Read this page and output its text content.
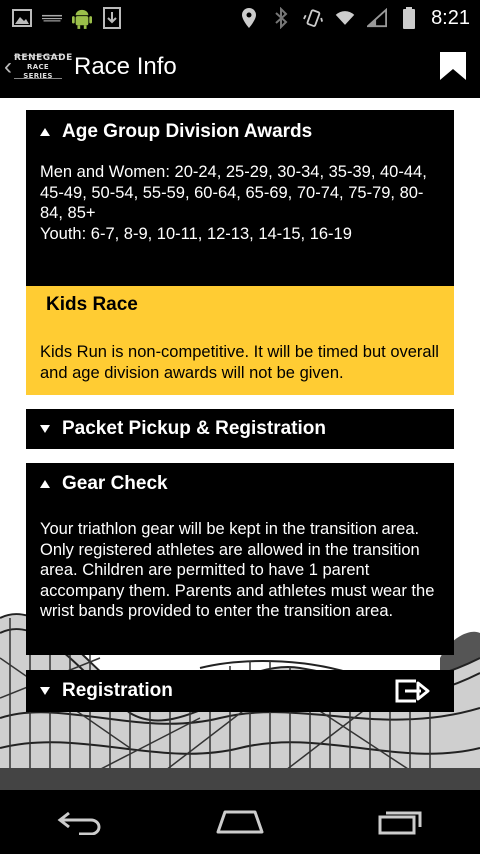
8:21
‹ RENEGADE
RACE SERIES Race Info
Age Group Division Awards

Men and Women: 20-24, 25-29, 30-34, 35-39, 40-44, 45-49, 50-54, 55-59, 60-64, 65-69, 70-74, 75-79, 80-84, 85+

Youth: 6-7, 8-9, 10-11, 12-13, 14-15, 16-19

Kids Race
Kids Run is non-competitive. It will be timed but overall and age division awards will not be given.
Packet Pickup & Registration
Gear Check

Your triathlon gear will be kept in the transition area. Only registered athletes are allowed in the transition area. Children are permitted to have 1 parent accompany them. Parents and athletes must wear the wrist bands provided to enter the transition area.

Registration
